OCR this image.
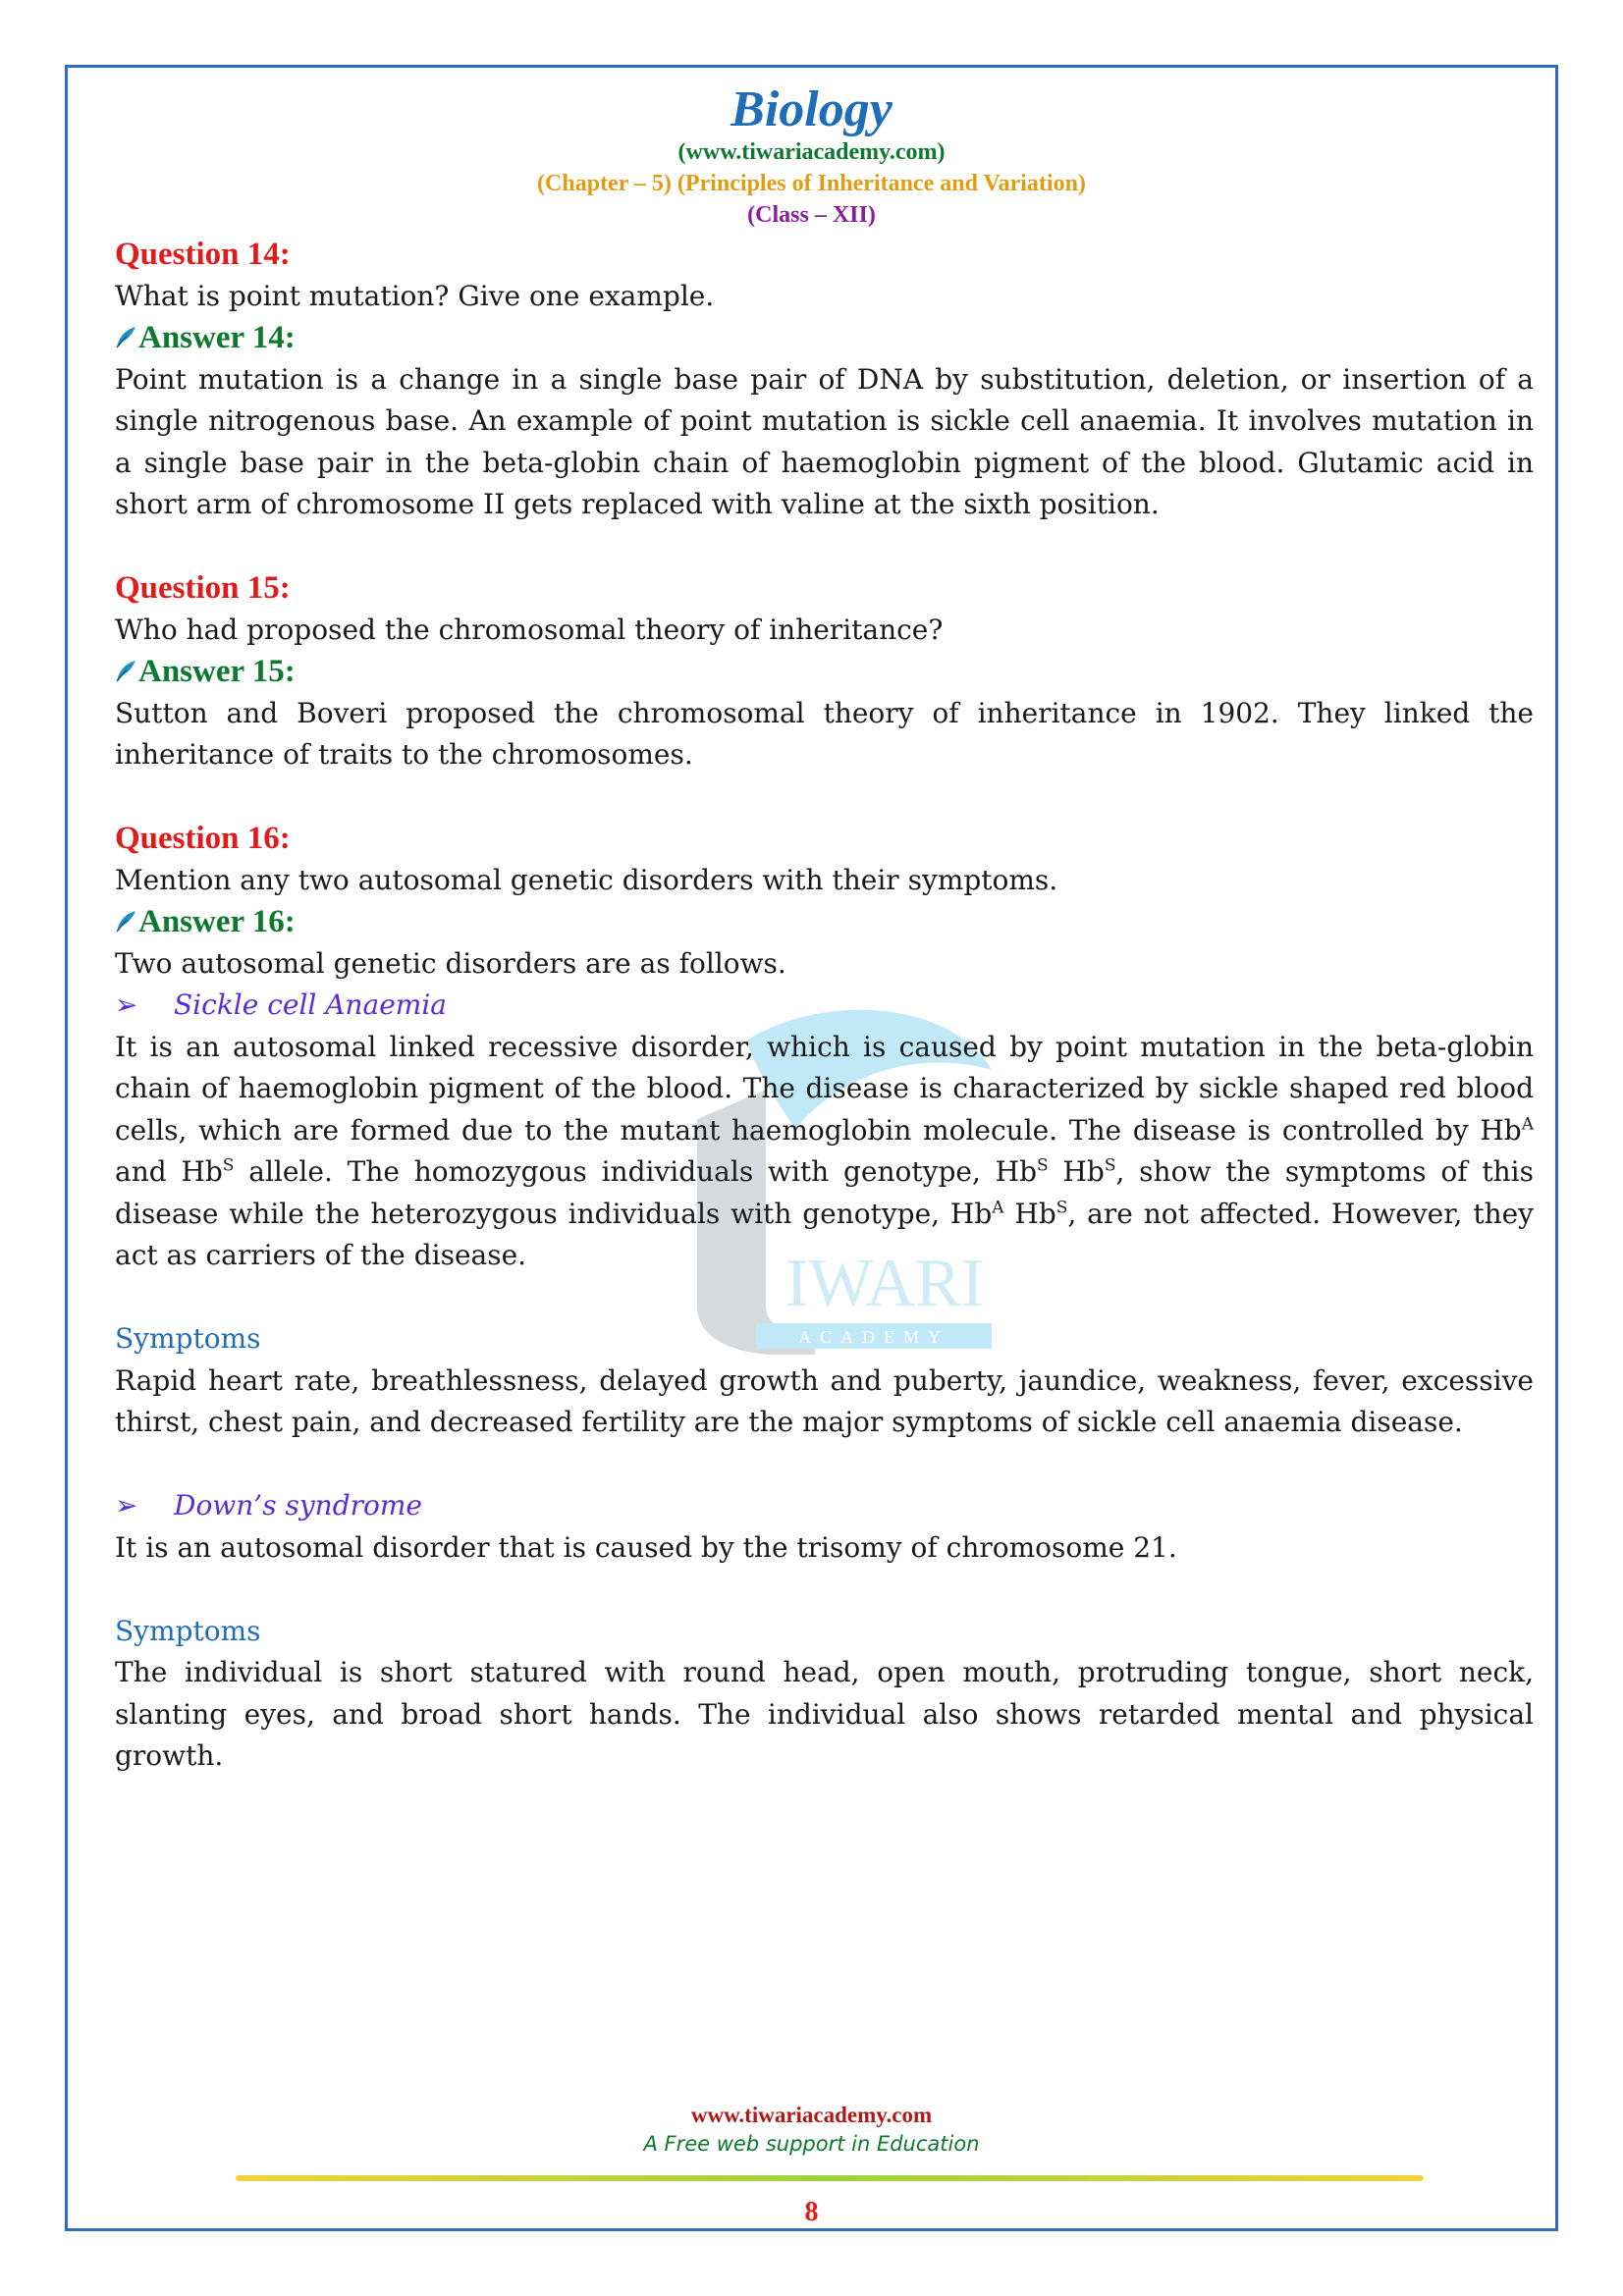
Biology
(www.tiwariacademy.com)
(Chapter – 5) (Principles of Inheritance and Variation)
(Class – XII)
IWARI
ACADEMY

Question 14:

What is point mutation? Give one example.

Answer 14:

Point mutation is a change in a single base pair of DNA by substitution, deletion, or insertion of a single nitrogenous base. An example of point mutation is sickle cell anaemia. It involves mutation in a single base pair in the beta-globin chain of haemoglobin pigment of the blood. Glutamic acid in short arm of chromosome II gets replaced with valine at the sixth position.

Question 15:

Who had proposed the chromosomal theory of inheritance?

Answer 15:

Sutton and Boveri proposed the chromosomal theory of inheritance in 1902. They linked the inheritance of traits to the chromosomes.

Question 16:

Mention any two autosomal genetic disorders with their symptoms.

Answer 16:

Two autosomal genetic disorders are as follows.

➢ Sickle cell Anaemia

It is an autosomal linked recessive disorder, which is caused by point mutation in the beta-globin chain of haemoglobin pigment of the blood. The disease is characterized by sickle shaped red blood cells, which are formed due to the mutant haemoglobin molecule. The disease is controlled by $Hb^A$ and $Hb^S$ allele. The homozygous individuals with genotype, $Hb^S$ $Hb^S$, show the symptoms of this disease while the heterozygous individuals with genotype, $Hb^A$ $Hb^S$, are not affected. However, they act as carriers of the disease.

Symptoms

Rapid heart rate, breathlessness, delayed growth and puberty, jaundice, weakness, fever, excessive thirst, chest pain, and decreased fertility are the major symptoms of sickle cell anaemia disease.

➢ Down’s syndrome

It is an autosomal disorder that is caused by the trisomy of chromosome 21.

Symptoms

The individual is short statured with round head, open mouth, protruding tongue, short neck, slanting eyes, and broad short hands. The individual also shows retarded mental and physical growth.

www.tiwariacademy.com
A Free web support in Education
8
